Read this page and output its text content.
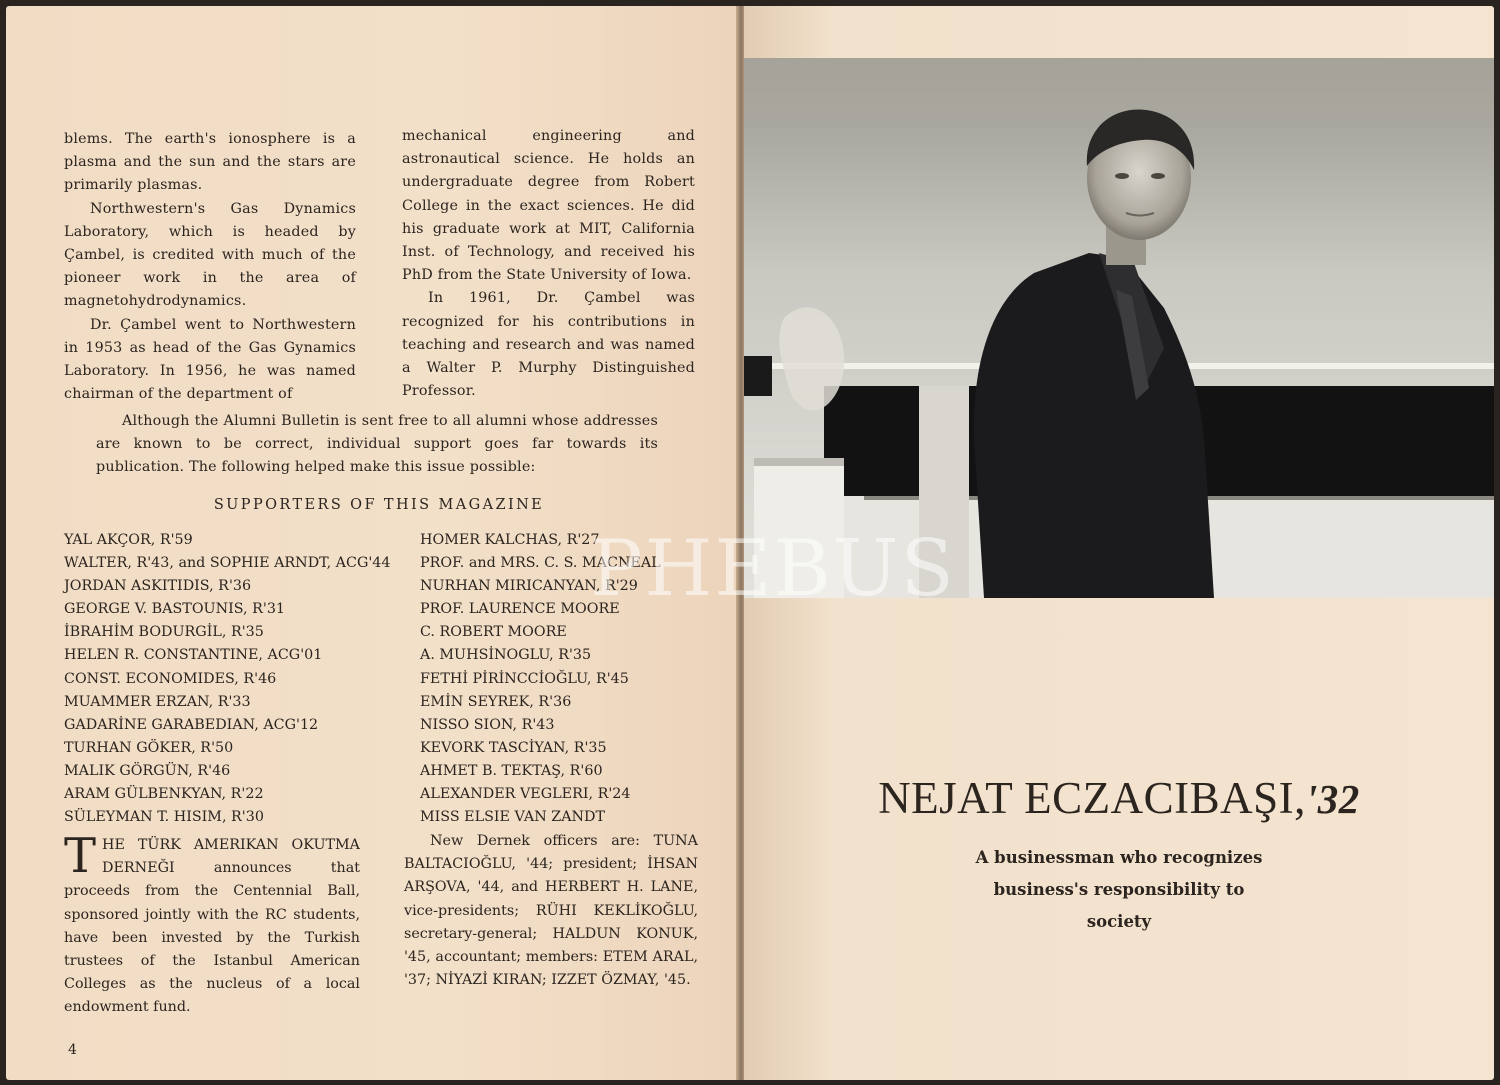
blems. The earth's ionosphere is a plasma and the sun and the stars are primarily plasmas.

Northwestern's Gas Dynamics Laboratory, which is headed by Çambel, is credited with much of the pioneer work in the area of magnetohydrodynamics.

Dr. Çambel went to Northwestern in 1953 as head of the Gas Gynamics Laboratory. In 1956, he was named chairman of the department of

mechanical engineering and astronautical science. He holds an undergraduate degree from Robert College in the exact sciences. He did his graduate work at MIT, California Inst. of Technology, and received his PhD from the State University of Iowa.

In 1961, Dr. Çambel was recognized for his contributions in teaching and research and was named a Walter P. Murphy Distinguished Professor.

Although the Alumni Bulletin is sent free to all alumni whose addresses are known to be correct, individual support goes far towards its publication. The following helped make this issue possible:

SUPPORTERS OF THIS MAGAZINE
YAL AKÇOR, R'59
WALTER, R'43, and SOPHIE ARNDT, ACG'44
JORDAN ASKITIDIS, R'36
GEORGE V. BASTOUNIS, R'31
İBRAHİM BODURGİL, R'35
HELEN R. CONSTANTINE, ACG'01
CONST. ECONOMIDES, R'46
MUAMMER ERZAN, R'33
GADARİNE GARABEDIAN, ACG'12
TURHAN GÖKER, R'50
MALIK GÖRGÜN, R'46
ARAM GÜLBENKYAN, R'22
SÜLEYMAN T. HISIM, R'30
HOMER KALCHAS, R'27
PROF. and MRS. C. S. MACNEAL
NURHAN MIRICANYAN, R'29
PROF. LAURENCE MOORE
C. ROBERT MOORE
A. MUHSİNOGLU, R'35
FETHİ PİRİNCCİOĞLU, R'45
EMİN SEYREK, R'36
NISSO SION, R'43
KEVORK TASCİYAN, R'35
AHMET B. TEKTAŞ, R'60
ALEXANDER VEGLERI, R'24
MISS ELSIE VAN ZANDT
THE TÜRK AMERIKAN OKUTMA DERNEĞI announces that proceeds from the Centennial Ball, sponsored jointly with the RC students, have been invested by the Turkish trustees of the Istanbul American Colleges as the nucleus of a local endowment fund.

New Dernek officers are: TUNA BALTACIOĞLU, '44; president; İHSAN ARŞOVA, '44, and HERBERT H. LANE, vice-presidents; RÜHI KEKLİKOĞLU, secretary-general; HALDUN KONUK, '45, accountant; members: ETEM ARAL, '37; NİYAZİ KIRAN; IZZET ÖZMAY, '45.

4
PHEBUS
NEJAT ECZACIBAŞI,'32
A businessman who recognizes
business's responsibility to
society
